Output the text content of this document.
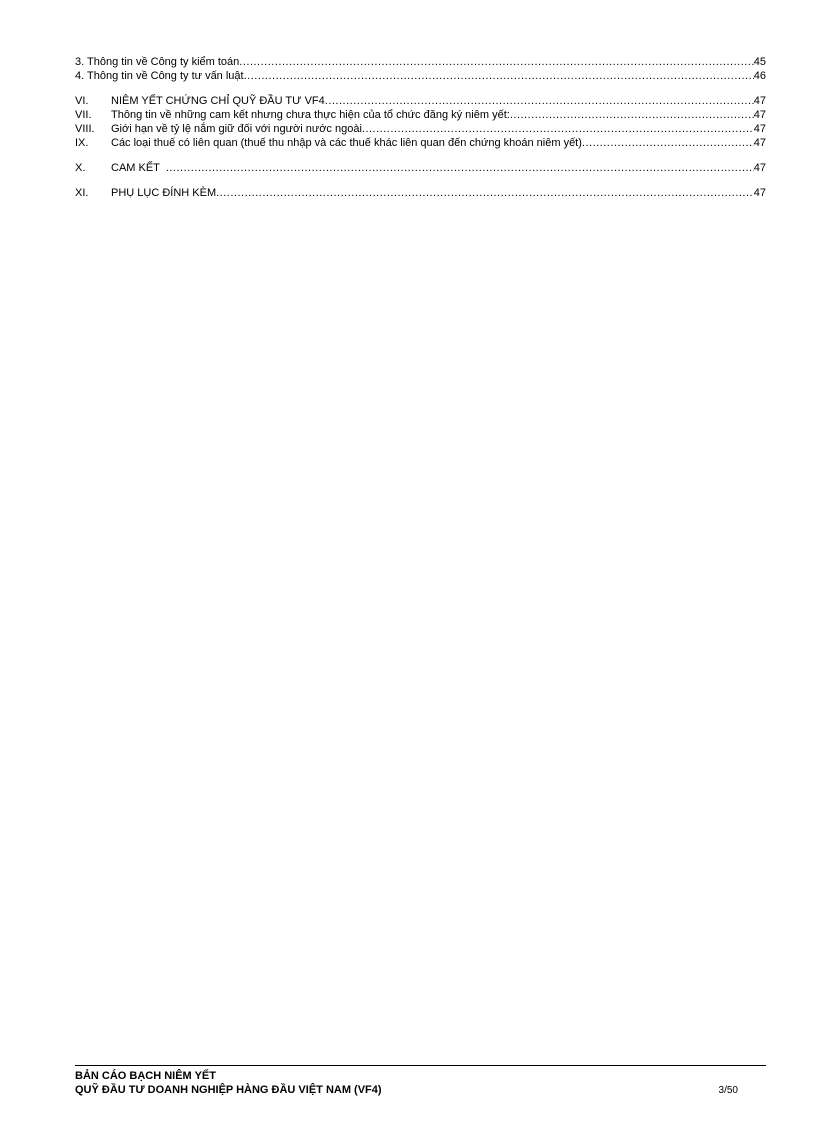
3. Thông tin về Công ty kiểm toán .....	45
4. Thông tin về Công ty tư vấn luật .....	46
VI.	NIÊM YẾT CHỨNG CHỈ QUỸ ĐẦU TƯ VF4 .....	47
VII.	Thông tin về những cam kết nhưng chưa thực hiện của tổ chức đăng ký niêm yết: .....	47
VIII.	Giới hạn về tỷ lệ nắm giữ đối với người nước ngoài .....	47
IX.	Các loại thuế có liên quan (thuế thu nhập và các thuế khác liên quan đến chứng khoán niêm yết) .....	47
X.	CAM KẾT .....	47
XI.	PHỤ LỤC ĐÍNH KÈM .....	47
BẢN CÁO BẠCH NIÊM YẾT
QUỸ ĐẦU TƯ DOANH NGHIỆP HÀNG ĐẦU VIỆT NAM (VF4)	3/50
